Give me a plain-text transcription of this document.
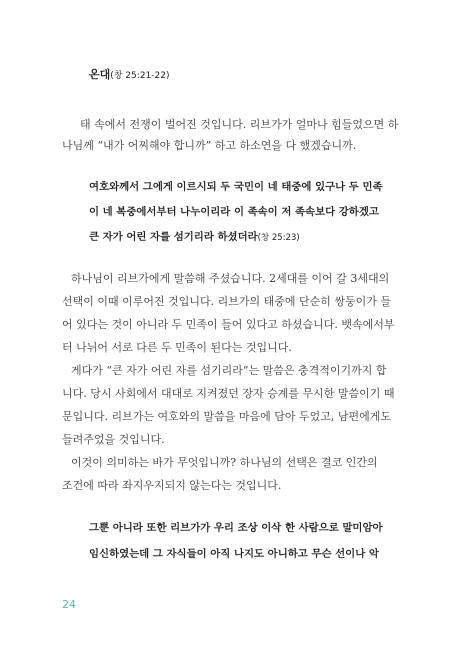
온대(창 25:21-22)
태 속에서 전쟁이 벌어진 것입니다. 리브가가 얼마나 힘들었으면 하
나님께 “내가 어찌해야 합니까” 하고 하소연을 다 했겠습니까.
여호와께서 그에게 이르시되 두 국민이 네 태중에 있구나 두 민족
이 네 복중에서부터 나누이리라 이 족속이 저 족속보다 강하겠고
큰 자가 어린 자를 섬기리라 하셨더라(창 25:23)
하나님이 리브가에게 말씀해 주셨습니다. 2세대를 이어 갈 3세대의
선택이 이때 이루어진 것입니다. 리브가의 태중에 단순히 쌍둥이가 들
어 있다는 것이 아니라 두 민족이 들어 있다고 하셨습니다. 뱃속에서부
터 나뉘어 서로 다른 두 민족이 된다는 것입니다.
게다가 “큰 자가 어린 자를 섬기리라”는 말씀은 충격적이기까지 합
니다. 당시 사회에서 대대로 지켜졌던 장자 승계를 무시한 말씀이기 때
문입니다. 리브가는 여호와의 말씀을 마음에 담아 두었고, 남편에게도
들려주었을 것입니다.
이것이 의미하는 바가 무엇입니까? 하나님의 선택은 결코 인간의
조건에 따라 좌지우지되지 않는다는 것입니다.
그뿐 아니라 또한 리브가가 우리 조상 이삭 한 사람으로 말미암아
임신하였는데 그 자식들이 아직 나지도 아니하고 무슨 선이나 악
24
